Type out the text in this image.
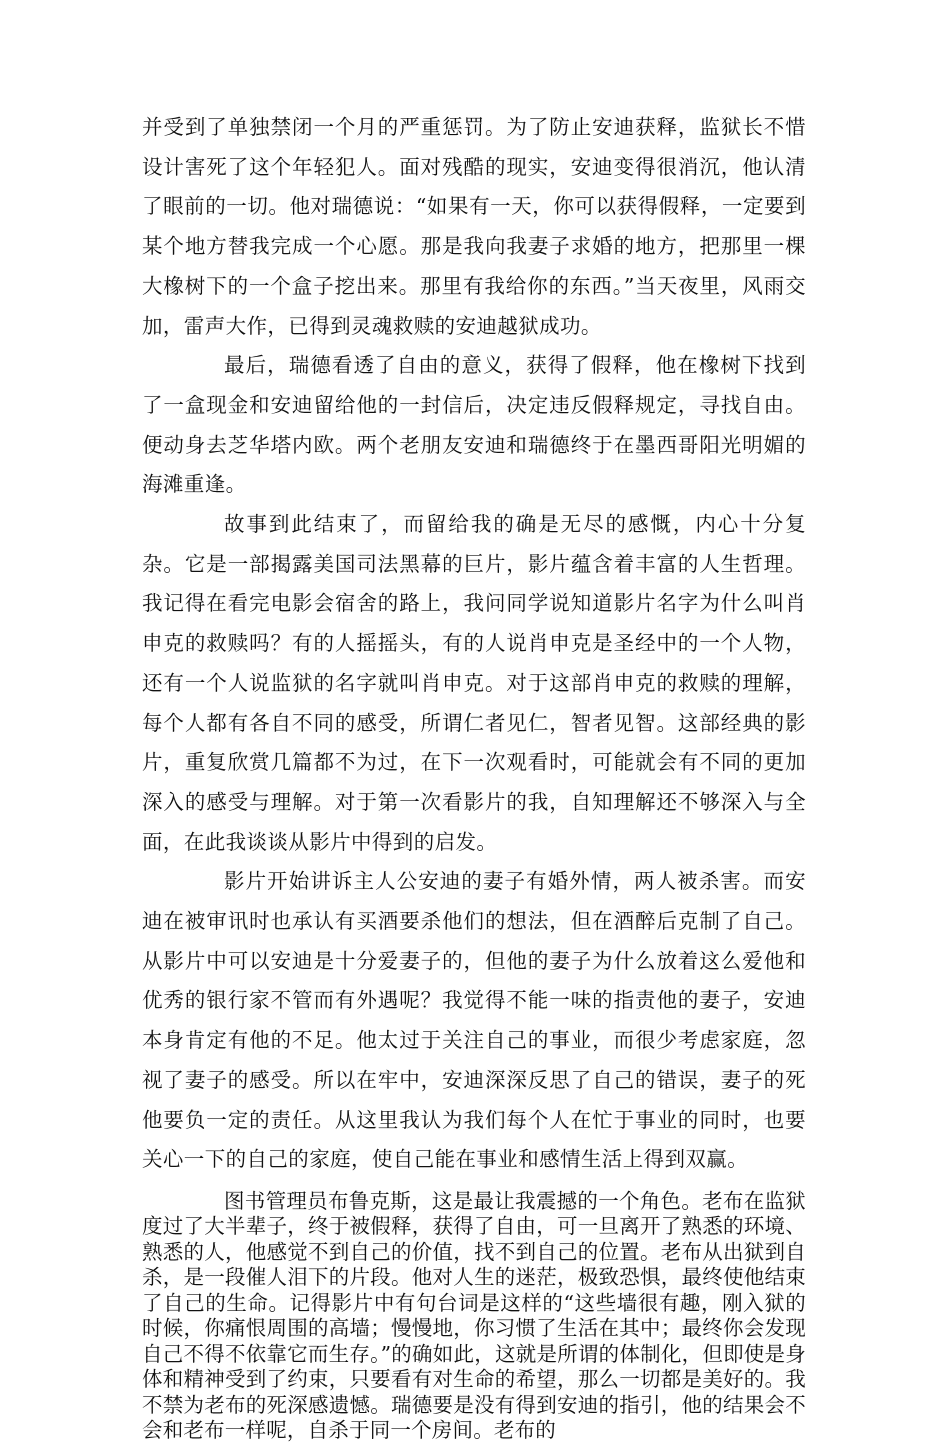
并受到了单独禁闭一个月的严重惩罚。为了防止安迪获释，监狱长不惜设计害死了这个年轻犯人。面对残酷的现实，安迪变得很消沉，他认清了眼前的一切。他对瑞德说：“如果有一天，你可以获得假释，一定要到某个地方替我完成一个心愿。那是我向我妻子求婚的地方，把那里一棵大橡树下的一个盒子挖出来。那里有我给你的东西。”当天夜里，风雨交加，雷声大作，已得到灵魂救赎的安迪越狱成功。

最后，瑞德看透了自由的意义，获得了假释，他在橡树下找到了一盒现金和安迪留给他的一封信后，决定违反假释规定，寻找自由。便动身去芝华塔内欧。两个老朋友安迪和瑞德终于在墨西哥阳光明媚的海滩重逢。

故事到此结束了，而留给我的确是无尽的感慨，内心十分复杂。它是一部揭露美国司法黑幕的巨片，影片蕴含着丰富的人生哲理。我记得在看完电影会宿舍的路上，我问同学说知道影片名字为什么叫肖申克的救赎吗？有的人摇摇头，有的人说肖申克是圣经中的一个人物，还有一个人说监狱的名字就叫肖申克。对于这部肖申克的救赎的理解，每个人都有各自不同的感受，所谓仁者见仁，智者见智。这部经典的影片，重复欣赏几篇都不为过，在下一次观看时，可能就会有不同的更加深入的感受与理解。对于第一次看影片的我，自知理解还不够深入与全面，在此我谈谈从影片中得到的启发。

影片开始讲诉主人公安迪的妻子有婚外情，两人被杀害。而安迪在被审讯时也承认有买酒要杀他们的想法，但在酒醉后克制了自己。从影片中可以安迪是十分爱妻子的，但他的妻子为什么放着这么爱他和优秀的银行家不管而有外遇呢？我觉得不能一味的指责他的妻子，安迪本身肯定有他的不足。他太过于关注自己的事业，而很少考虑家庭，忽视了妻子的感受。所以在牢中，安迪深深反思了自己的错误，妻子的死他要负一定的责任。从这里我认为我们每个人在忙于事业的同时，也要关心一下的自己的家庭，使自己能在事业和感情生活上得到双赢。

图书管理员布鲁克斯，这是最让我震撼的一个角色。老布在监狱度过了大半辈子，终于被假释，获得了自由，可一旦离开了熟悉的环境、熟悉的人，他感觉不到自己的价值，找不到自己的位置。老布从出狱到自杀，是一段催人泪下的片段。他对人生的迷茫，极致恐惧，最终使他结束了自己的生命。记得影片中有句台词是这样的“这些墙很有趣，刚入狱的时候，你痛恨周围的高墙；慢慢地，你习惯了生活在其中；最终你会发现自己不得不依靠它而生存。”的确如此，这就是所谓的体制化，但即使是身体和精神受到了约束，只要看有对生命的希望，那么一切都是美好的。我不禁为老布的死深感遗憾。瑞德要是没有得到安迪的指引，他的结果会不会和老布一样呢，自杀于同一个房间。老布的
